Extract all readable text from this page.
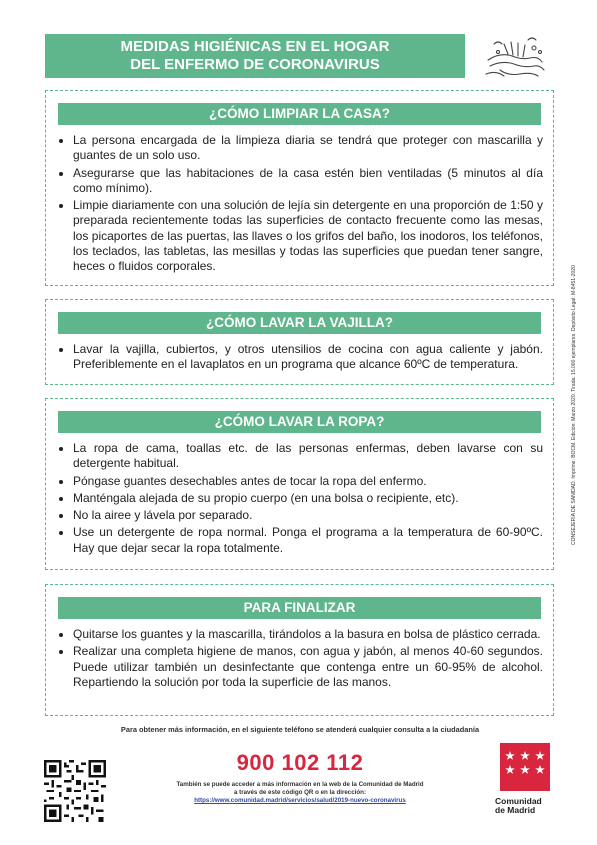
MEDIDAS HIGIÉNICAS EN EL HOGAR
DEL ENFERMO DE CORONAVIRUS
¿CÓMO LIMPIAR LA CASA?
• La persona encargada de la limpieza diaria se tendrá que proteger con mascarilla y guantes de un solo uso.
• Asegurarse que las habitaciones de la casa estén bien ventiladas (5 minutos al día como mínimo).
• Limpie diariamente con una solución de lejía sin detergente en una proporción de 1:50 y preparada recientemente todas las superficies de contacto frecuente como las mesas, los picaportes de las puertas, las llaves o los grifos del baño, los inodoros, los teléfonos, los teclados, las tabletas, las mesillas y todas las superficies que puedan tener sangre, heces o fluidos corporales.
¿CÓMO LAVAR LA VAJILLA?
• Lavar la vajilla, cubiertos, y otros utensilios de cocina con agua caliente y jabón. Preferiblemente en el lavaplatos en un programa que alcance 60ºC de temperatura.
¿CÓMO LAVAR LA ROPA?
• La ropa de cama, toallas etc. de las personas enfermas, deben lavarse con su detergente habitual.
• Póngase guantes desechables antes de tocar la ropa del enfermo.
• Manténgala alejada de su propio cuerpo (en una bolsa o recipiente, etc).
• No la airee y lávela por separado.
• Use un detergente de ropa normal. Ponga el programa a la temperatura de 60-90ºC. Hay que dejar secar la ropa totalmente.
PARA FINALIZAR
• Quitarse los guantes y la mascarilla, tirándolos a la basura en bolsa de plástico cerrada.
• Realizar una completa higiene de manos, con agua y jabón, al menos 40-60 segundos. Puede utilizar también un desinfectante que contenga entre un 60-95% de alcohol. Repartiendo la solución por toda la superficie de las manos.
CONSEJERÍA DE SANIDAD. Imprime: BOCM. Edición: Marzo 2020. Tirada: 15.000 ejemplares. Depósito Legal: M-8451-2020
Para obtener más información, en el siguiente teléfono se atenderá cualquier consulta a la ciudadanía
900 102 112
También se puede acceder a más información en la web de la Comunidad de Madrid
a través de este código QR o en la dirección:
https://www.comunidad.madrid/servicios/salud/2019-nuevo-coronavirus	Comunidad
de Madrid
